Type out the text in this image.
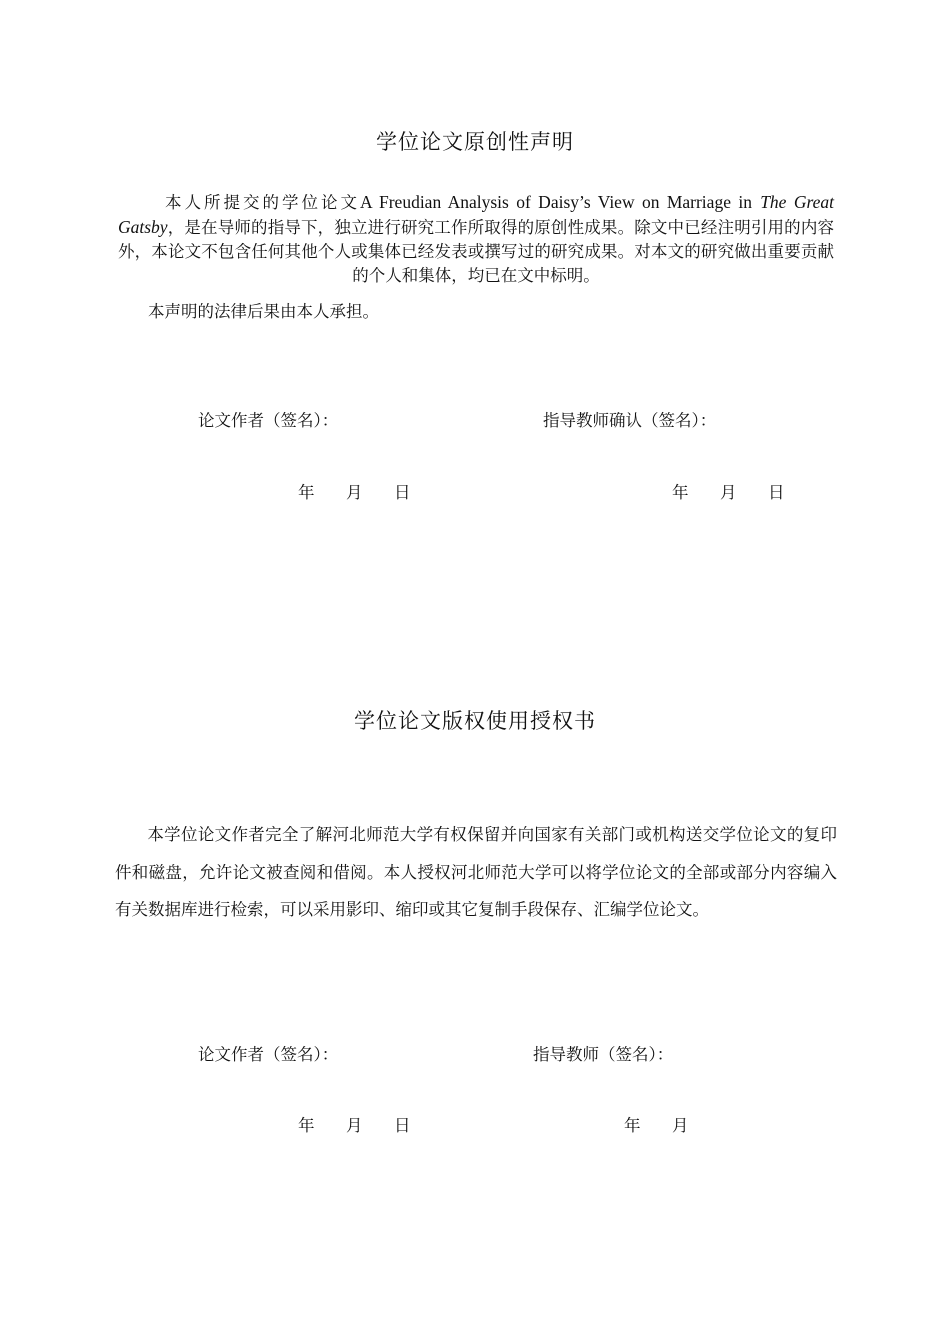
学位论文原创性声明
本人所提交的学位论文A Freudian Analysis of Daisy’s View on Marriage in The Great Gatsby，是在导师的指导下，独立进行研究工作所取得的原创性成果。除文中已经注明引用的内容外，本论文不包含任何其他个人或集体已经发表或撰写过的研究成果。对本文的研究做出重要贡献的个人和集体，均已在文中标明。
本声明的法律后果由本人承担。
论文作者（签名）：	指导教师确认（签名）：
年	月	日	年	月	日
学位论文版权使用授权书
本学位论文作者完全了解河北师范大学有权保留并向国家有关部门或机构送交学位论文的复印件和磁盘，允许论文被查阅和借阅。本人授权河北师范大学可以将学位论文的全部或部分内容编入有关数据库进行检索，可以采用影印、缩印或其它复制手段保存、汇编学位论文。
论文作者（签名）：	指导教师（签名）：
年	月	日	年	月
